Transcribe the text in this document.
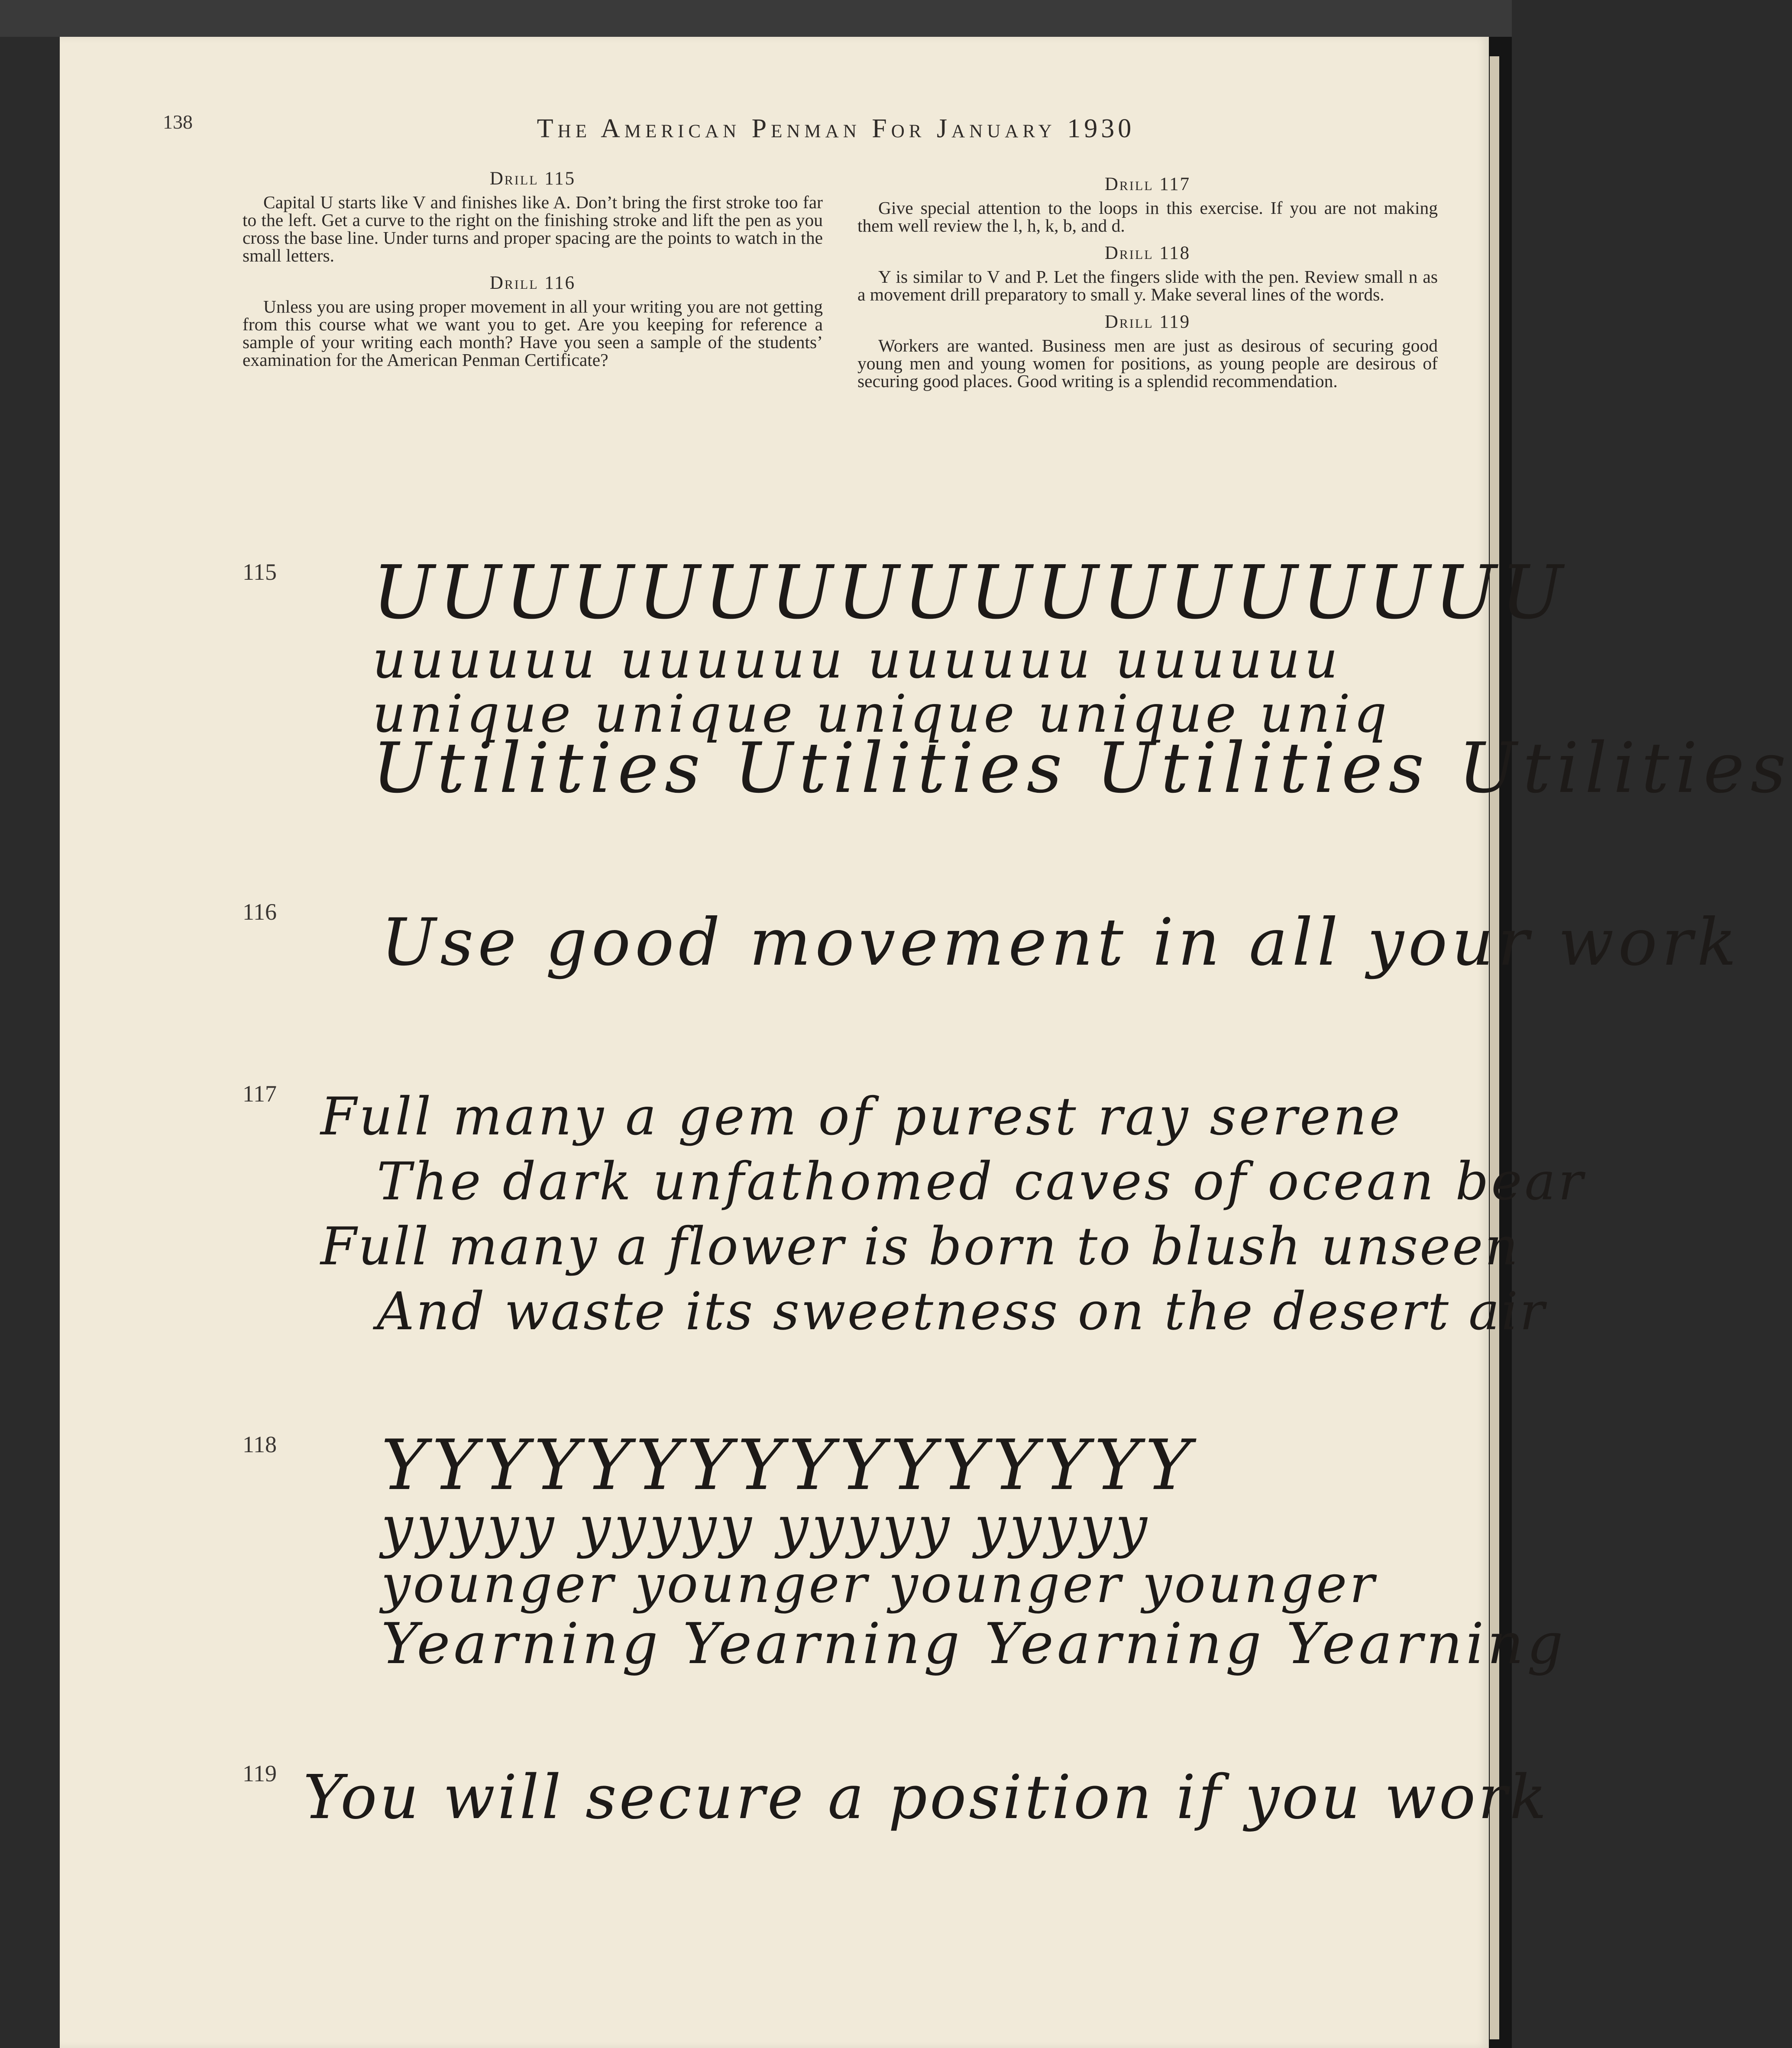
138	The American Penman For January 1930

Drill 115

Capital U starts like V and finishes like A. Don’t bring the first stroke too far to the left. Get a curve to the right on the finishing stroke and lift the pen as you cross the base line. Under turns and proper spacing are the points to watch in the small letters.

Drill 116

Unless you are using proper movement in all your writing you are not getting from this course what we want you to get. Are you keeping for reference a sample of your writing each month? Have you seen a sample of the students’ examination for the American Penman Certificate?

Drill 117

Give special attention to the loops in this exercise. If you are not making them well review the l, h, k, b, and d.

Drill 118

Y is similar to V and P. Let the fingers slide with the pen. Review small n as a movement drill preparatory to small y. Make several lines of the words.

Drill 119

Workers are wanted. Business men are just as desirous of securing good young men and young women for positions, as young people are desirous of securing good places. Good writing is a splendid recommendation.

115 UUUUUUUUUUUUUUUUUU
uuuuuu uuuuuu uuuuuu uuuuuu
unique unique unique unique uniq
Utilities Utilities Utilities Utilities
116 Use good movement in all your work
117 Full many a gem of purest ray serene
The dark unfathomed caves of ocean bear
Full many a flower is born to blush unseen
And waste its sweetness on the desert air
118 YYYYYYYYYYYYYYYY
yyyyy yyyyy yyyyy yyyyy
younger younger younger younger
Yearning Yearning Yearning Yearning
119 You will secure a position if you work
